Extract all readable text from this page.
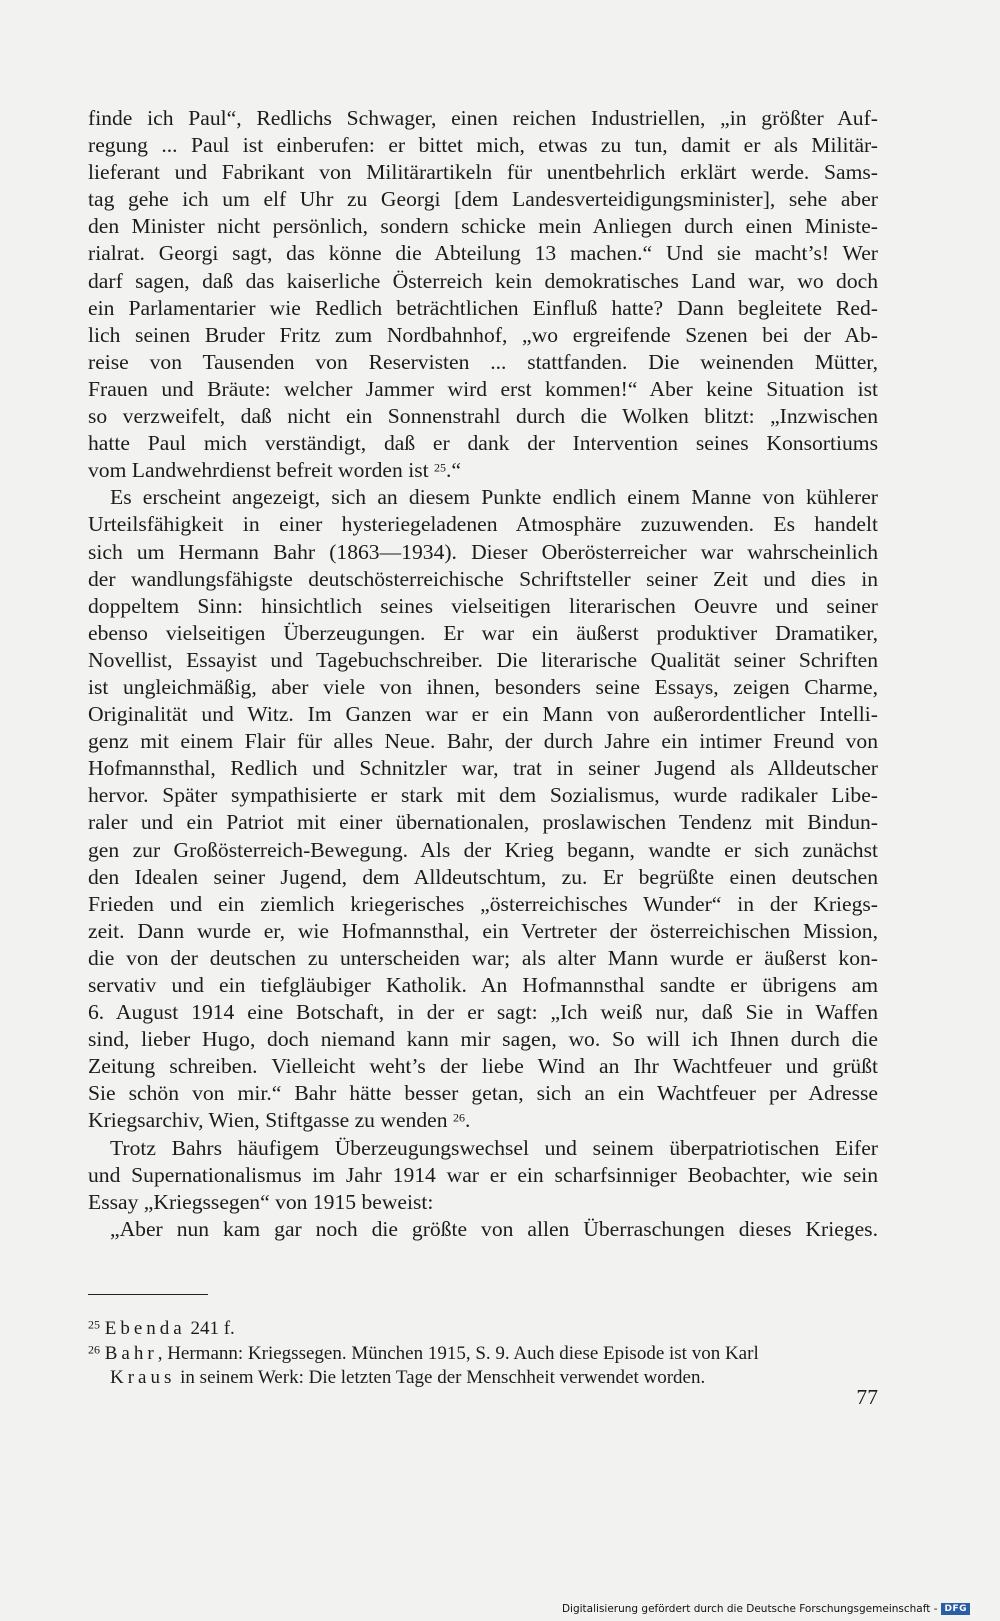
finde ich Paul“, Redlichs Schwager, einen reichen Industriellen, „in größter Auf-
regung ... Paul ist einberufen: er bittet mich, etwas zu tun, damit er als Militär-
lieferant und Fabrikant von Militärartikeln für unentbehrlich erklärt werde. Sams-
tag gehe ich um elf Uhr zu Georgi [dem Landesverteidigungsminister], sehe aber
den Minister nicht persönlich, sondern schicke mein Anliegen durch einen Ministe-
rialrat. Georgi sagt, das könne die Abteilung 13 machen.“ Und sie macht’s! Wer
darf sagen, daß das kaiserliche Österreich kein demokratisches Land war, wo doch
ein Parlamentarier wie Redlich beträchtlichen Einfluß hatte? Dann begleitete Red-
lich seinen Bruder Fritz zum Nordbahnhof, „wo ergreifende Szenen bei der Ab-
reise von Tausenden von Reservisten ... stattfanden. Die weinenden Mütter,
Frauen und Bräute: welcher Jammer wird erst kommen!“ Aber keine Situation ist
so verzweifelt, daß nicht ein Sonnenstrahl durch die Wolken blitzt: „Inzwischen
hatte Paul mich verständigt, daß er dank der Intervention seines Konsortiums
vom Landwehrdienst befreit worden ist $^{25}$.“
Es erscheint angezeigt, sich an diesem Punkte endlich einem Manne von kühlerer
Urteilsfähigkeit in einer hysteriegeladenen Atmosphäre zuzuwenden. Es handelt
sich um Hermann Bahr (1863—1934). Dieser Oberösterreicher war wahrscheinlich
der wandlungsfähigste deutschösterreichische Schriftsteller seiner Zeit und dies in
doppeltem Sinn: hinsichtlich seines vielseitigen literarischen Oeuvre und seiner
ebenso vielseitigen Überzeugungen. Er war ein äußerst produktiver Dramatiker,
Novellist, Essayist und Tagebuchschreiber. Die literarische Qualität seiner Schriften
ist ungleichmäßig, aber viele von ihnen, besonders seine Essays, zeigen Charme,
Originalität und Witz. Im Ganzen war er ein Mann von außerordentlicher Intelli-
genz mit einem Flair für alles Neue. Bahr, der durch Jahre ein intimer Freund von
Hofmannsthal, Redlich und Schnitzler war, trat in seiner Jugend als Alldeutscher
hervor. Später sympathisierte er stark mit dem Sozialismus, wurde radikaler Libe-
raler und ein Patriot mit einer übernationalen, proslawischen Tendenz mit Bindun-
gen zur Großösterreich-Bewegung. Als der Krieg begann, wandte er sich zunächst
den Idealen seiner Jugend, dem Alldeutschtum, zu. Er begrüßte einen deutschen
Frieden und ein ziemlich kriegerisches „österreichisches Wunder“ in der Kriegs-
zeit. Dann wurde er, wie Hofmannsthal, ein Vertreter der österreichischen Mission,
die von der deutschen zu unterscheiden war; als alter Mann wurde er äußerst kon-
servativ und ein tiefgläubiger Katholik. An Hofmannsthal sandte er übrigens am
6. August 1914 eine Botschaft, in der er sagt: „Ich weiß nur, daß Sie in Waffen
sind, lieber Hugo, doch niemand kann mir sagen, wo. So will ich Ihnen durch die
Zeitung schreiben. Vielleicht weht’s der liebe Wind an Ihr Wachtfeuer und grüßt
Sie schön von mir.“ Bahr hätte besser getan, sich an ein Wachtfeuer per Adresse
Kriegsarchiv, Wien, Stiftgasse zu wenden $^{26}$.
Trotz Bahrs häufigem Überzeugungswechsel und seinem überpatriotischen Eifer
und Supernationalismus im Jahr 1914 war er ein scharfsinniger Beobachter, wie sein
Essay „Kriegssegen“ von 1915 beweist:
„Aber nun kam gar noch die größte von allen Überraschungen dieses Krieges.
$^{25}$ Ebenda 241 f.
$^{26}$ Bahr, Hermann: Kriegssegen. München 1915, S. 9. Auch diese Episode ist von Karl
Kraus in seinem Werk: Die letzten Tage der Menschheit verwendet worden.
77
Digitalisierung gefördert durch die Deutsche Forschungsgemeinschaft - DFG
